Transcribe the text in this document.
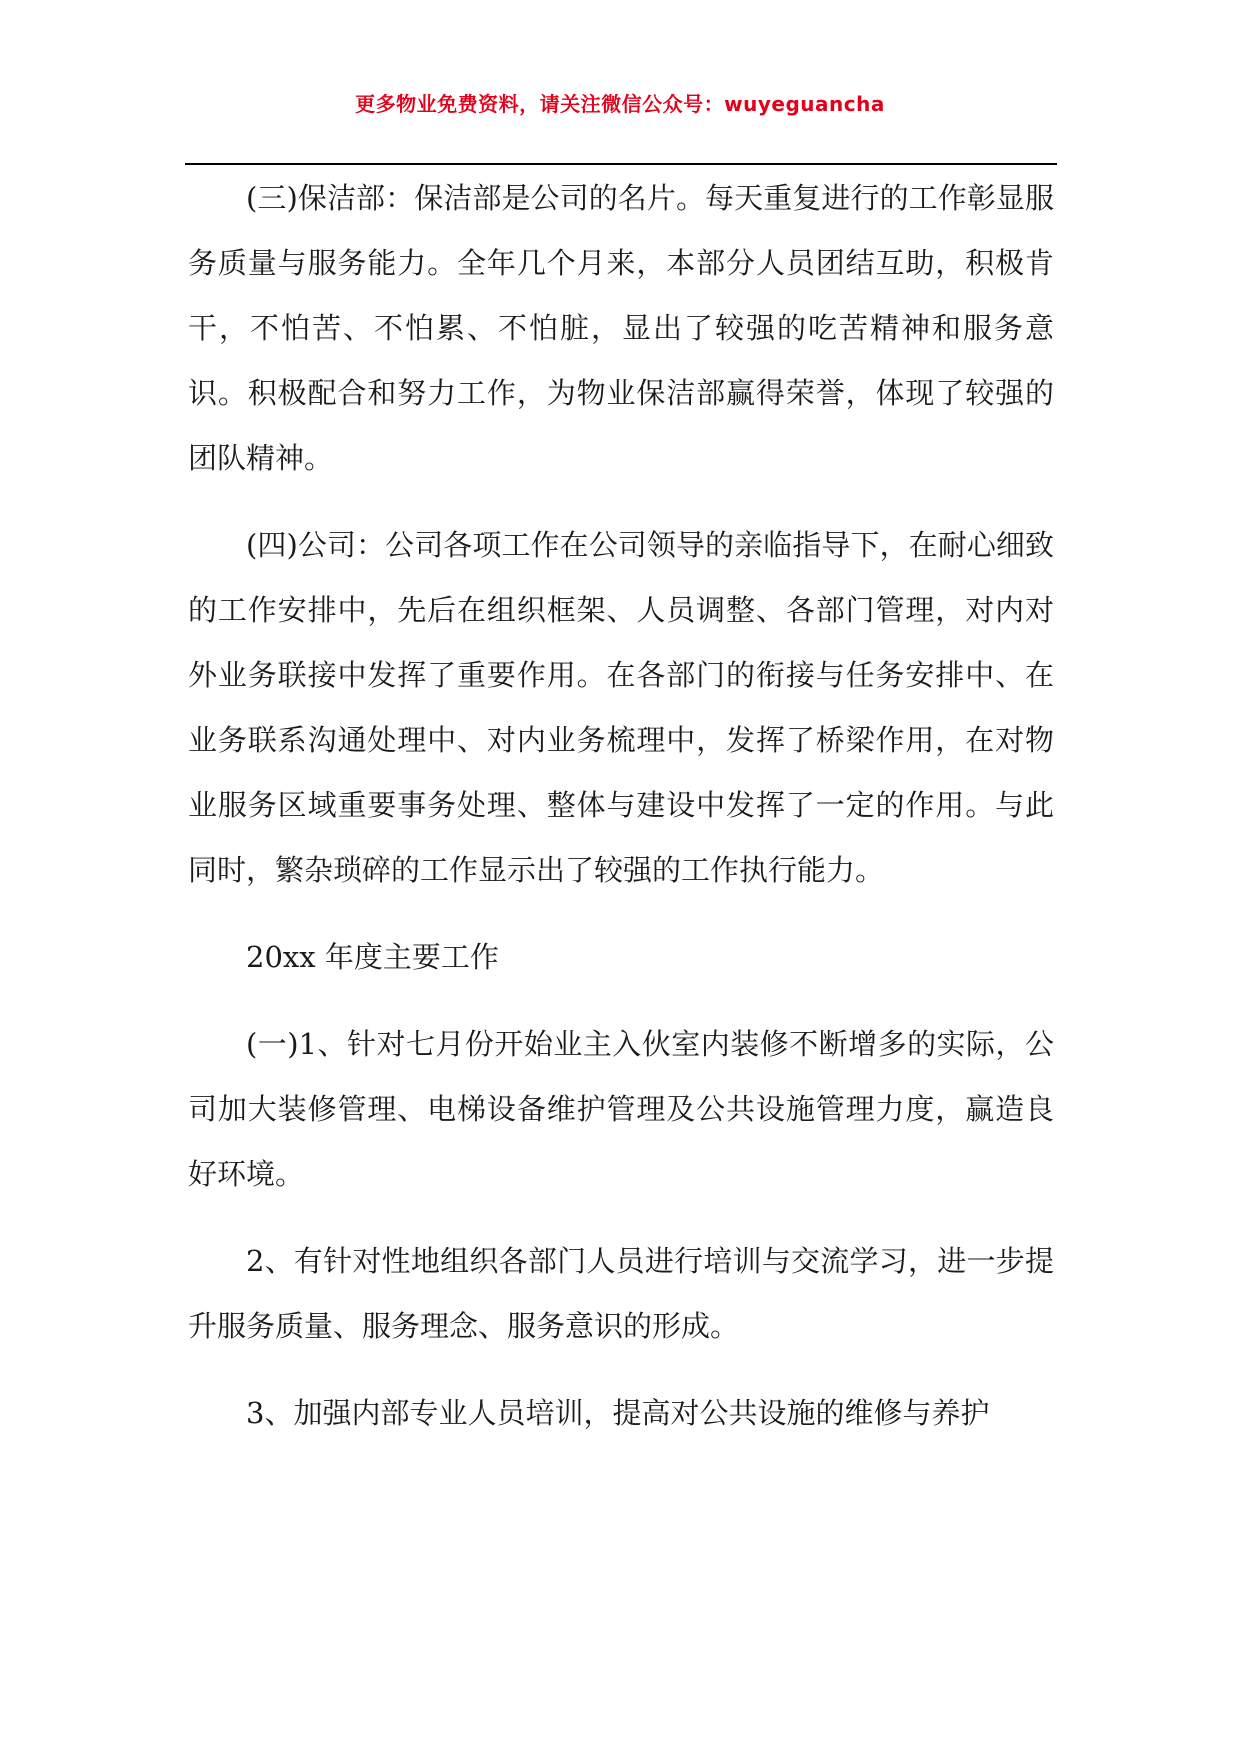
更多物业免费资料，请关注微信公众号：wuyeguancha

(三)保洁部：保洁部是公司的名片。每天重复进行的工作彰显服务质量与服务能力。全年几个月来，本部分人员团结互助，积极肯干，不怕苦、不怕累、不怕脏，显出了较强的吃苦精神和服务意识。积极配合和努力工作，为物业保洁部赢得荣誉，体现了较强的团队精神。

(四)公司：公司各项工作在公司领导的亲临指导下，在耐心细致的工作安排中，先后在组织框架、人员调整、各部门管理，对内对外业务联接中发挥了重要作用。在各部门的衔接与任务安排中、在业务联系沟通处理中、对内业务梳理中，发挥了桥梁作用，在对物业服务区域重要事务处理、整体与建设中发挥了一定的作用。与此同时，繁杂琐碎的工作显示出了较强的工作执行能力。

20xx 年度主要工作

(一)1、针对七月份开始业主入伙室内装修不断增多的实际，公司加大装修管理、电梯设备维护管理及公共设施管理力度，赢造良好环境。

2、有针对性地组织各部门人员进行培训与交流学习，进一步提升服务质量、服务理念、服务意识的形成。

3、加强内部专业人员培训，提高对公共设施的维修与养护
